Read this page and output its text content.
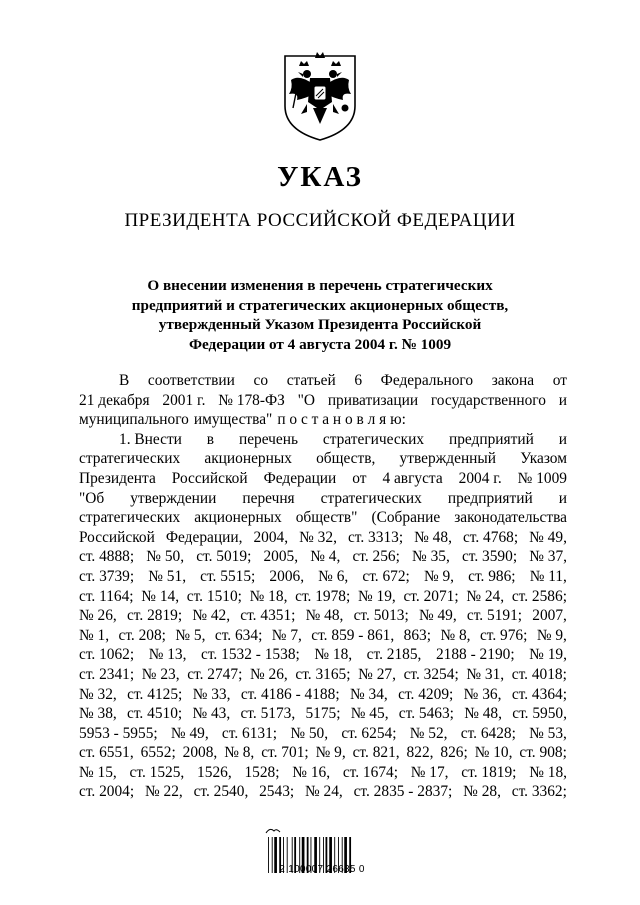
УКАЗ
ПРЕЗИДЕНТА РОССИЙСКОЙ ФЕДЕРАЦИИ
О внесении изменения в перечень стратегических
предприятий и стратегических акционерных обществ,
утвержденный Указом Президента Российской
Федерации от 4 августа 2004 г. № 1009
В соответствии со статьей 6 Федерального закона от
21 декабря 2001 г. № 178-ФЗ "О приватизации государственного и
муниципального имущества" п о с т а н о в л я ю:
1. Внести в перечень стратегических предприятий и
стратегических акционерных обществ, утвержденный Указом
Президента Российской Федерации от 4 августа 2004 г. № 1009
"Об утверждении перечня стратегических предприятий и
стратегических акционерных обществ" (Собрание законодательства
Российской Федерации, 2004, № 32, ст. 3313; № 48, ст. 4768; № 49,
ст. 4888; № 50, ст. 5019; 2005, № 4, ст. 256; № 35, ст. 3590; № 37,
ст. 3739; № 51, ст. 5515; 2006, № 6, ст. 672; № 9, ст. 986; № 11,
ст. 1164; № 14, ст. 1510; № 18, ст. 1978; № 19, ст. 2071; № 24, ст. 2586;
№ 26, ст. 2819; № 42, ст. 4351; № 48, ст. 5013; № 49, ст. 5191; 2007,
№ 1, ст. 208; № 5, ст. 634; № 7, ст. 859 - 861, 863; № 8, ст. 976; № 9,
ст. 1062; № 13, ст. 1532 - 1538; № 18, ст. 2185, 2188 - 2190; № 19,
ст. 2341; № 23, ст. 2747; № 26, ст. 3165; № 27, ст. 3254; № 31, ст. 4018;
№ 32, ст. 4125; № 33, ст. 4186 - 4188; № 34, ст. 4209; № 36, ст. 4364;
№ 38, ст. 4510; № 43, ст. 5173, 5175; № 45, ст. 5463; № 48, ст. 5950,
5953 - 5955; № 49, ст. 6131; № 50, ст. 6254; № 52, ст. 6428; № 53,
ст. 6551, 6552; 2008, № 8, ст. 701; № 9, ст. 821, 822, 826; № 10, ст. 908;
№ 15, ст. 1525, 1526, 1528; № 16, ст. 1674; № 17, ст. 1819; № 18,
ст. 2004; № 22, ст. 2540, 2543; № 24, ст. 2835 - 2837; № 28, ст. 3362;
2 100007 26635 0
